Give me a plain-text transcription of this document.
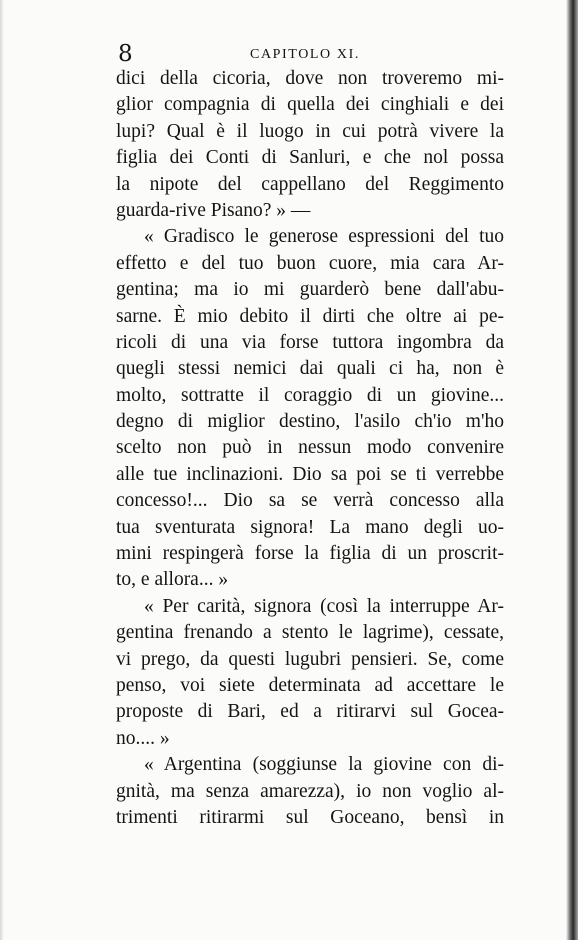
8	CAPITOLO XI.
dici della cicoria, dove non troveremo mi-
glior compagnia di quella dei cinghiali e dei
lupi? Qual è il luogo in cui potrà vivere la
figlia dei Conti di Sanluri, e che nol possa
la nipote del cappellano del Reggimento
guarda-rive Pisano? » —
« Gradisco le generose espressioni del tuo
effetto e del tuo buon cuore, mia cara Ar-
gentina; ma io mi guarderò bene dall'abu-
sarne. È mio debito il dirti che oltre ai pe-
ricoli di una via forse tuttora ingombra da
quegli stessi nemici dai quali ci ha, non è
molto, sottratte il coraggio di un giovine...
degno di miglior destino, l'asilo ch'io m'ho
scelto non può in nessun modo convenire
alle tue inclinazioni. Dio sa poi se ti verrebbe
concesso!... Dio sa se verrà concesso alla
tua sventurata signora! La mano degli uo-
mini respingerà forse la figlia di un proscrit-
to, e allora... »
« Per carità, signora (così la interruppe Ar-
gentina frenando a stento le lagrime), cessate,
vi prego, da questi lugubri pensieri. Se, come
penso, voi siete determinata ad accettare le
proposte di Bari, ed a ritirarvi sul Gocea-
no.... »
« Argentina (soggiunse la giovine con di-
gnità, ma senza amarezza), io non voglio al-
trimenti ritirarmi sul Goceano, bensì in
